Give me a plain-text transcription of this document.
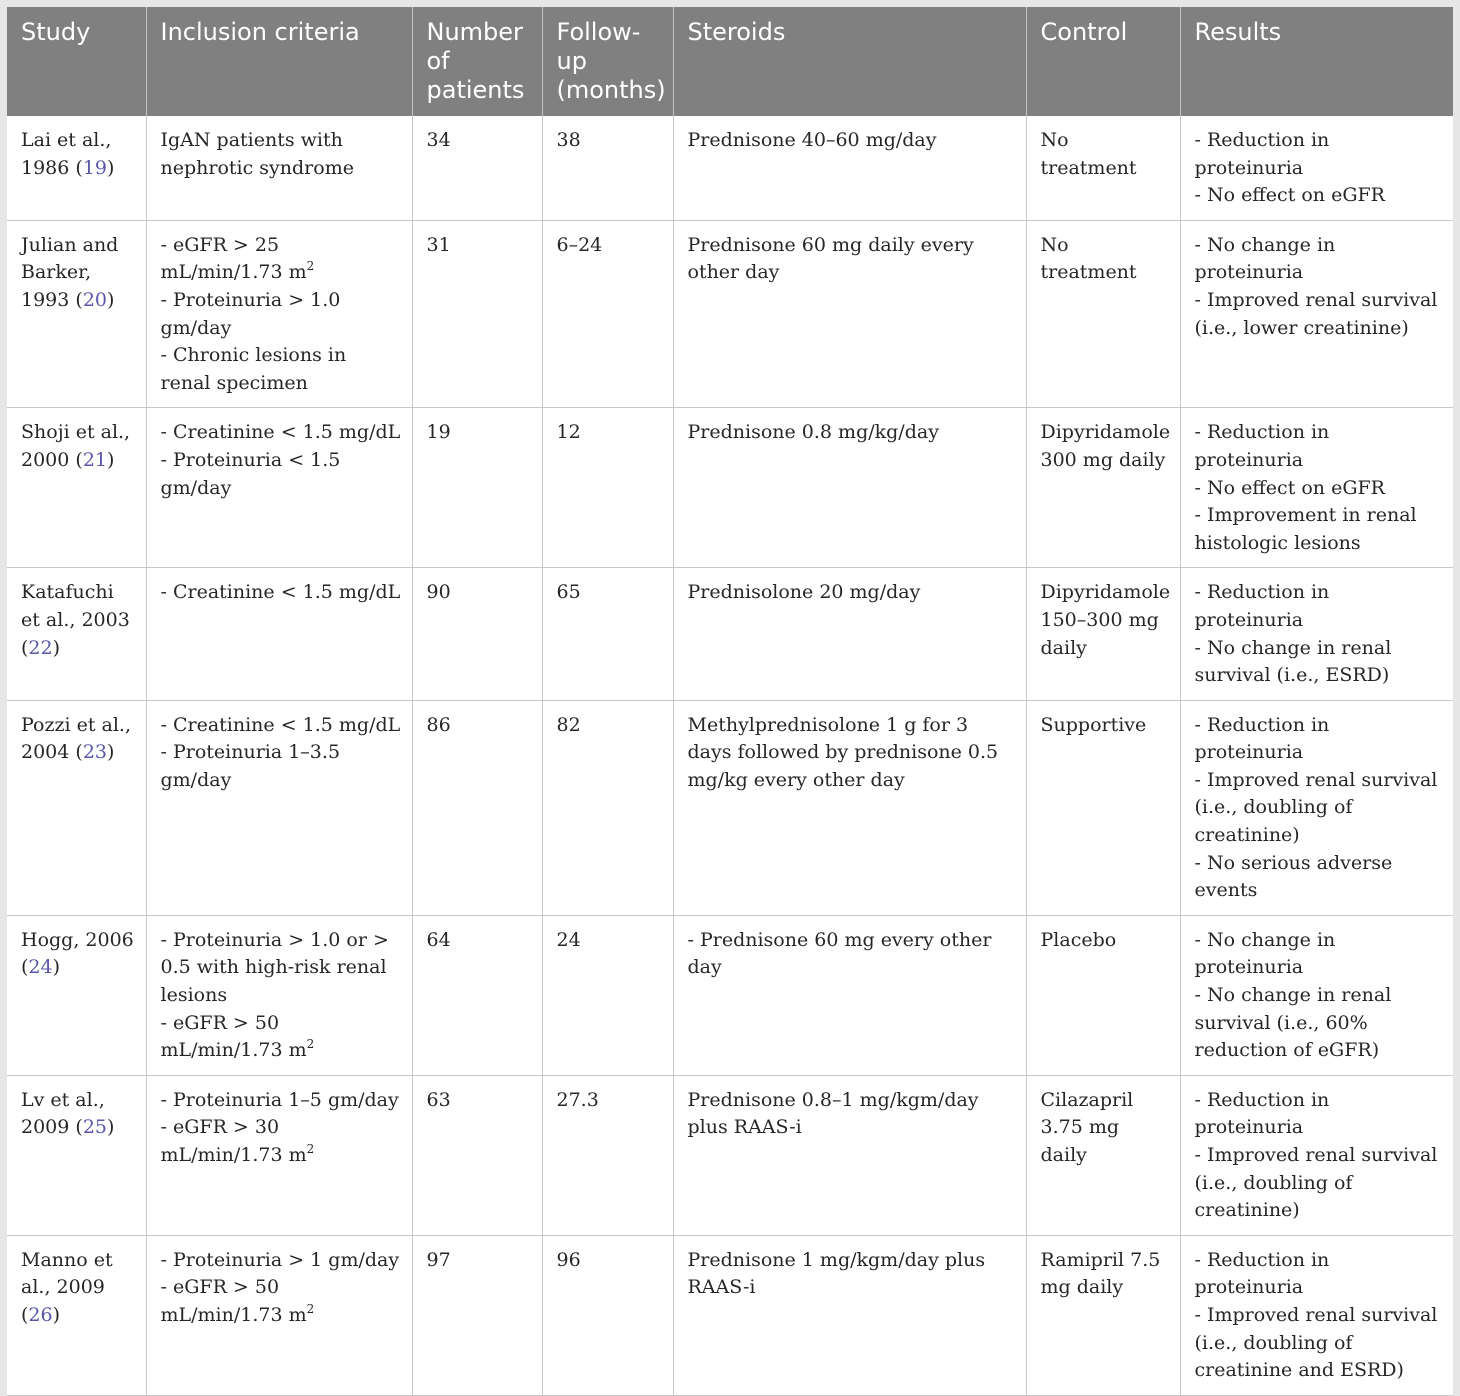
Study	Inclusion criteria	Number of patients	Follow-up (months)	Steroids	Control	Results
Lai et al., 1986 (19)	IgAN patients with nephrotic syndrome	34	38	Prednisone 40–60 mg/day	No treatment	- Reduction in proteinuria
- No effect on eGFR

Julian and Barker, 1993 (20)	- eGFR > 25 mL/min/1.73 $m^2$
- Proteinuria > 1.0 gm/day
- Chronic lesions in renal specimen	31	6–24	Prednisone 60 mg daily every other day	No treatment	- No change in proteinuria
- Improved renal survival (i.e., lower creatinine)

Shoji et al., 2000 (21)	- Creatinine < 1.5 mg/dL
- Proteinuria < 1.5 gm/day	19	12	Prednisone 0.8 mg/kg/day	Dipyridamole 300 mg daily	- Reduction in proteinuria
- No effect on eGFR
- Improvement in renal histologic lesions

Katafuchi et al., 2003 (22)	- Creatinine < 1.5 mg/dL	90	65	Prednisolone 20 mg/day	Dipyridamole 150–300 mg daily	- Reduction in proteinuria
- No change in renal survival (i.e., ESRD)

Pozzi et al., 2004 (23)	- Creatinine < 1.5 mg/dL
- Proteinuria 1–3.5 gm/day	86	82	Methylprednisolone 1 g for 3 days followed by prednisone 0.5 mg/kg every other day	Supportive	- Reduction in proteinuria
- Improved renal survival (i.e., doubling of creatinine)
- No serious adverse events

Hogg, 2006 (24)	- Proteinuria > 1.0 or > 0.5 with high-risk renal lesions
- eGFR > 50 mL/min/1.73 $m^2$	64	24	- Prednisone 60 mg every other day	Placebo	- No change in proteinuria
- No change in renal survival (i.e., 60% reduction of eGFR)

Lv et al., 2009 (25)	- Proteinuria 1–5 gm/day
- eGFR > 30 mL/min/1.73 $m^2$	63	27.3	Prednisone 0.8–1 mg/kgm/day plus RAAS-i	Cilazapril 3.75 mg daily	- Reduction in proteinuria
- Improved renal survival (i.e., doubling of creatinine)

Manno et al., 2009 (26)	- Proteinuria > 1 gm/day
- eGFR > 50 mL/min/1.73 $m^2$	97	96	Prednisone 1 mg/kgm/day plus RAAS-i	Ramipril 7.5 mg daily	- Reduction in proteinuria
- Improved renal survival (i.e., doubling of creatinine and ESRD)
